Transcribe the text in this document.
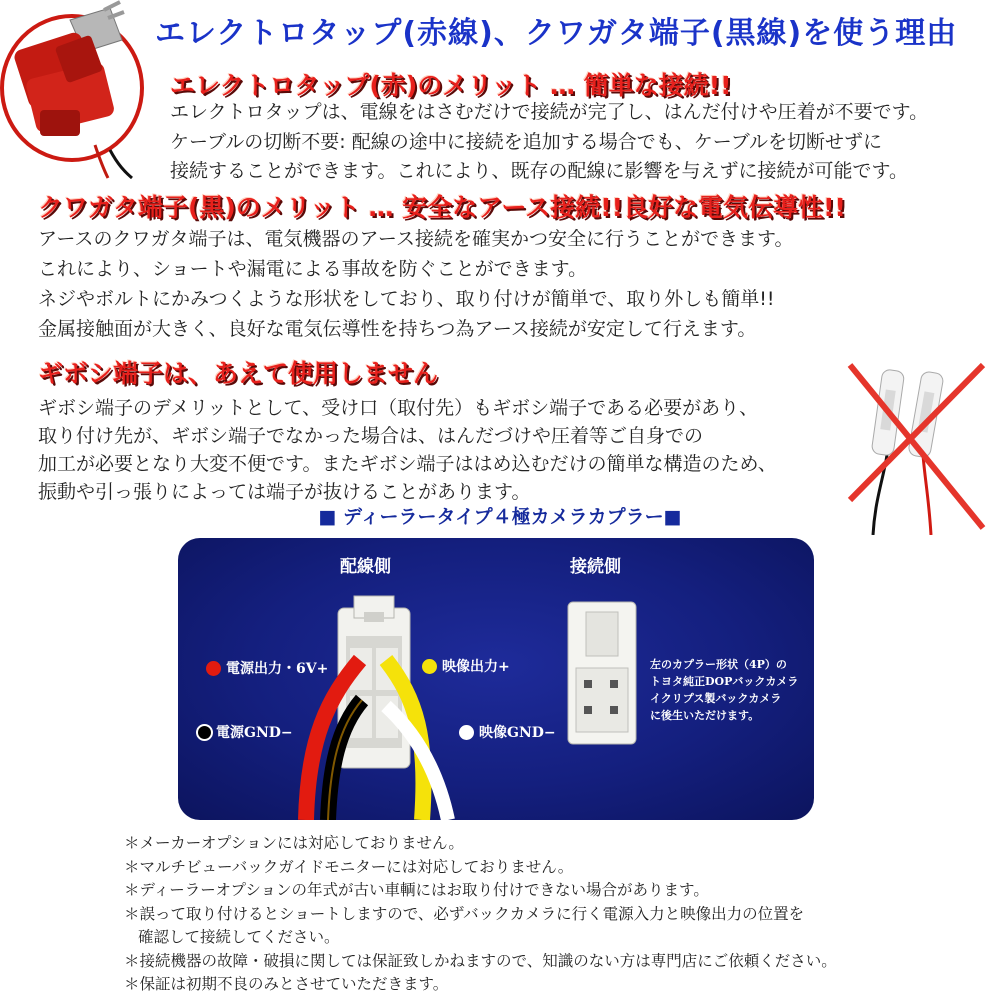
エレクトロタップ(赤線)、クワガタ端子(黒線)を使う理由
エレクトロタップ(赤)のメリット … 簡単な接続!!
エレクトロタップは、電線をはさむだけで接続が完了し、はんだ付けや圧着が不要です。
ケーブルの切断不要: 配線の途中に接続を追加する場合でも、ケーブルを切断せずに
接続することができます。これにより、既存の配線に影響を与えずに接続が可能です。
クワガタ端子(黒)のメリット … 安全なアース接続!!良好な電気伝導性!!
アースのクワガタ端子は、電気機器のアース接続を確実かつ安全に行うことができます。
これにより、ショートや漏電による事故を防ぐことができます。
ネジやボルトにかみつくような形状をしており、取り付けが簡単で、取り外しも簡単!!
金属接触面が大きく、良好な電気伝導性を持ちつ為アース接続が安定して行えます。
ギボシ端子は、あえて使用しません
ギボシ端子のデメリットとして、受け口（取付先）もギボシ端子である必要があり、
取り付け先が、ギボシ端子でなかった場合は、はんだづけや圧着等ご自身での
加工が必要となり大変不便です。またギボシ端子ははめ込むだけの簡単な構造のため、
振動や引っ張りによっては端子が抜けることがあります。
■ ディーラータイプ４極カメラカプラー■
配線側	接続側
電源出力・6V+	映像出力+
電源GND−	映像GND−
左のカプラー形状（4P）の
トヨタ純正DOPバックカメラ
イクリプス製バックカメラ
に後生いただけます。
＊メーカーオプションには対応しておりません。
＊マルチビューバックガイドモニターには対応しておりません。
＊ディーラーオプションの年式が古い車輌にはお取り付けできない場合があります。
＊誤って取り付けるとショートしますので、必ずバックカメラに行く電源入力と映像出力の位置を
確認して接続してください。
＊接続機器の故障・破損に関しては保証致しかねますので、知識のない方は専門店にご依頼ください。
＊保証は初期不良のみとさせていただきます。
